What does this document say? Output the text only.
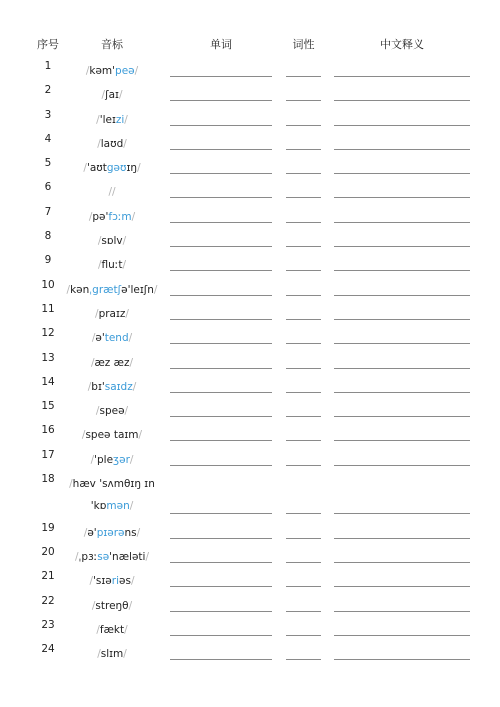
序号	音标	单词	词性	中文释义
1	/kəm'peə/
2	/ʃaɪ/
3	/'leɪzi/
4	/laʊd/
5	/'aʊtgəʊɪŋ/
6	//
7	/pə'fɔːm/
8	/sɒlv/
9	/fluːt/
10	/kənˌgrætʃə'leɪʃn/
11	/praɪz/
12	/ə'tend/
13	/æz æz/
14	/bɪ'saɪdz/
15	/speə/
16	/speə taɪm/
17	/'pleʒər/
18	/hæv 'sʌmθɪŋ ɪn 'kɒmən/
19	/ə'pɪərəns/
20	/ˌpɜːsə'næləti/
21	/'sɪəriəs/
22	/streŋθ/
23	/fækt/
24	/slɪm/
